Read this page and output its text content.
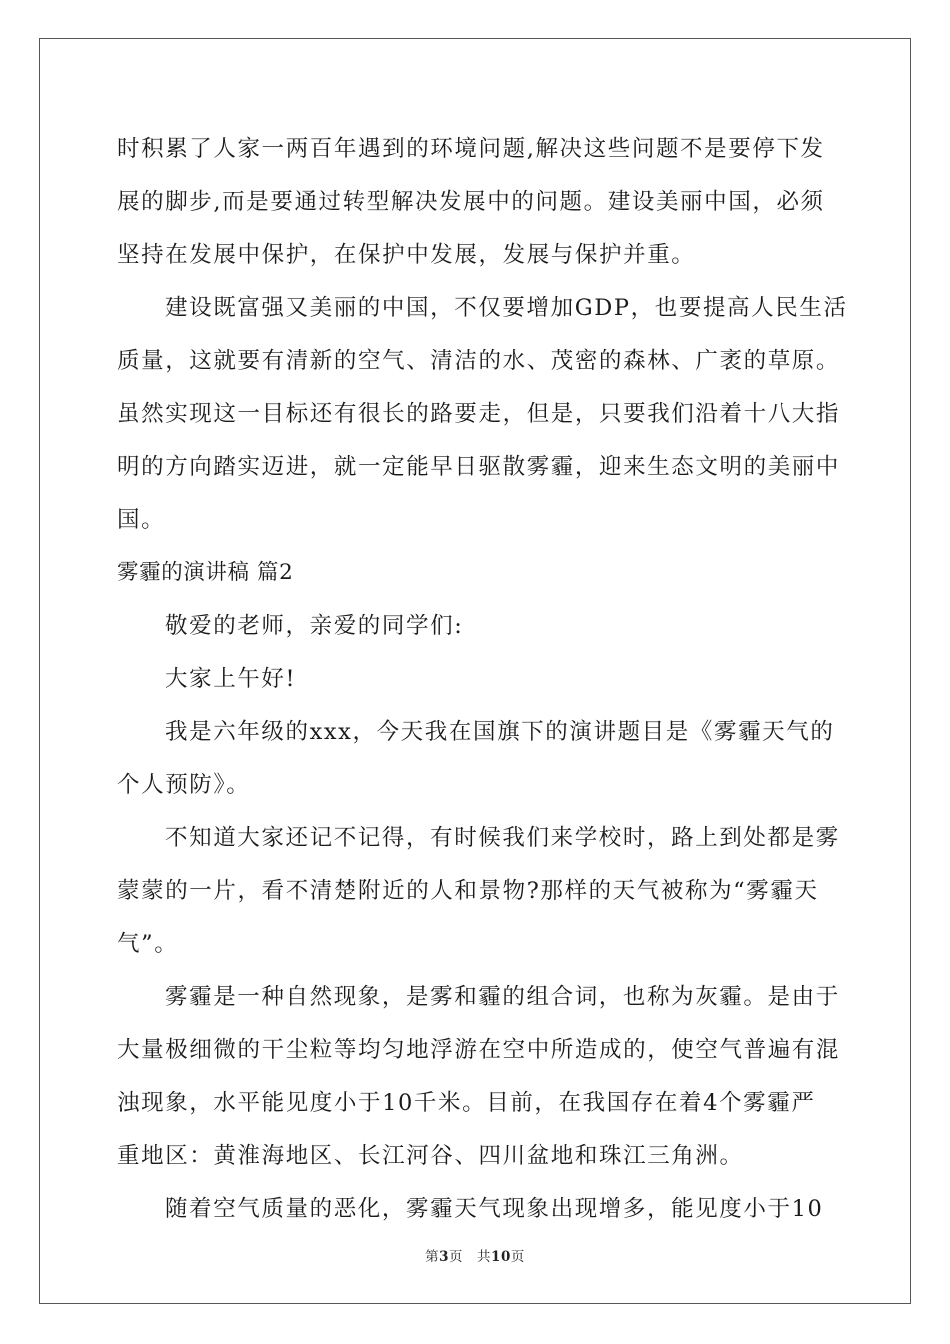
时积累了人家一两百年遇到的环境问题,解决这些问题不是要停下发
展的脚步,而是要通过转型解决发展中的问题。建设美丽中国，必须
坚持在发展中保护，在保护中发展，发展与保护并重。
建设既富强又美丽的中国，不仅要增加GDP，也要提高人民生活
质量，这就要有清新的空气、清洁的水、茂密的森林、广袤的草原。
虽然实现这一目标还有很长的路要走，但是，只要我们沿着十八大指
明的方向踏实迈进，就一定能早日驱散雾霾，迎来生态文明的美丽中
国。
雾霾的演讲稿 篇2
敬爱的老师，亲爱的同学们:
大家上午好!
我是六年级的xxx，今天我在国旗下的演讲题目是《雾霾天气的
个人预防》。
不知道大家还记不记得，有时候我们来学校时，路上到处都是雾
蒙蒙的一片，看不清楚附近的人和景物?那样的天气被称为“雾霾天
气”。
雾霾是一种自然现象，是雾和霾的组合词，也称为灰霾。是由于
大量极细微的干尘粒等均匀地浮游在空中所造成的，使空气普遍有混
浊现象，水平能见度小于10千米。目前，在我国存在着4个雾霾严
重地区：黄淮海地区、长江河谷、四川盆地和珠江三角洲。
随着空气质量的恶化，雾霾天气现象出现增多，能见度小于10
第3页 共10页
